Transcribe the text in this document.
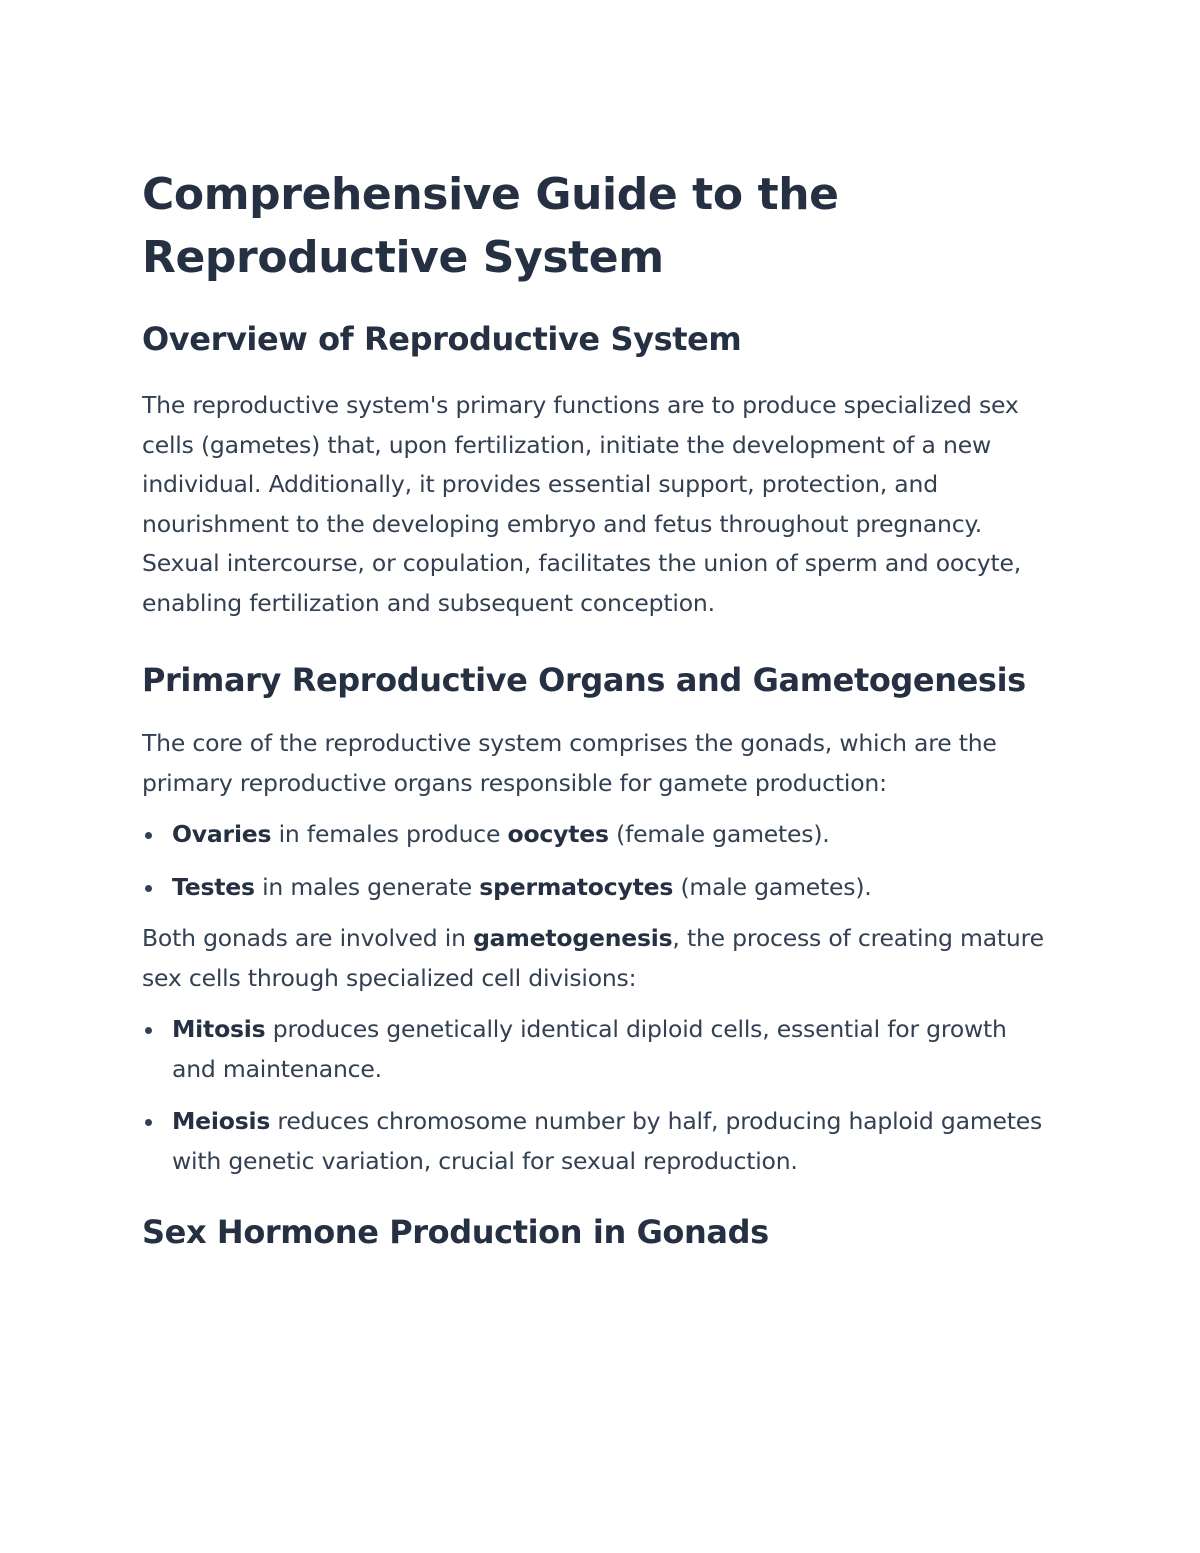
Comprehensive Guide to the Reproductive System
Overview of Reproductive System

The reproductive system's primary functions are to produce specialized sex cells (gametes) that, upon fertilization, initiate the development of a new individual. Additionally, it provides essential support, protection, and nourishment to the developing embryo and fetus throughout pregnancy. Sexual intercourse, or copulation, facilitates the union of sperm and oocyte, enabling fertilization and subsequent conception.

Primary Reproductive Organs and Gametogenesis

The core of the reproductive system comprises the gonads, which are the primary reproductive organs responsible for gamete production:

Ovaries in females produce oocytes (female gametes).
Testes in males generate spermatocytes (male gametes).

Both gonads are involved in gametogenesis, the process of creating mature sex cells through specialized cell divisions:

Mitosis produces genetically identical diploid cells, essential for growth and maintenance.
Meiosis reduces chromosome number by half, producing haploid gametes with genetic variation, crucial for sexual reproduction.
Sex Hormone Production in Gonads
